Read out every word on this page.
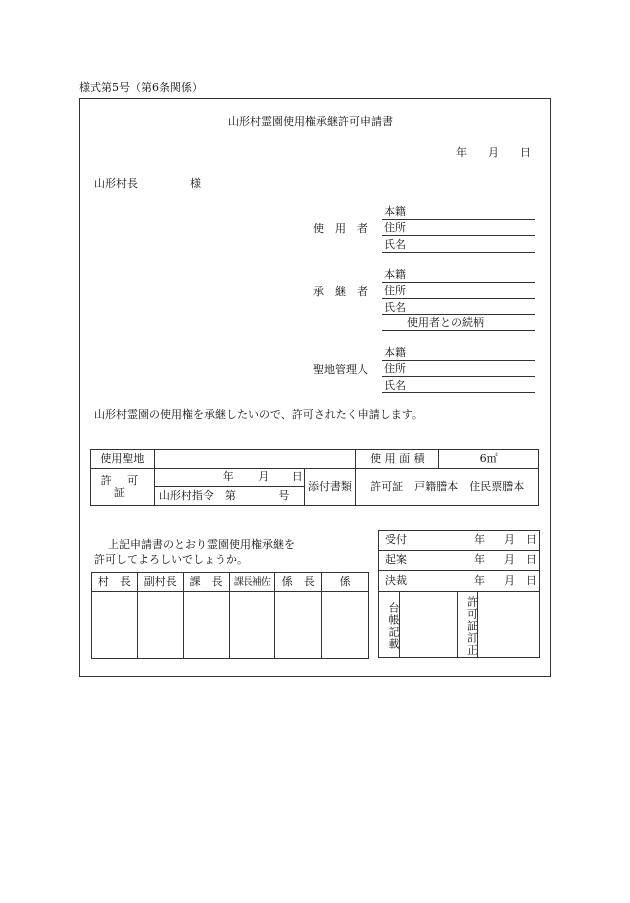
様式第5号（第6条関係）
山形村霊園使用権承継許可申請書
年 月 日
山形村長	様
使　用　者
本籍
住所
氏名
承　継　者
本籍
住所
氏名
使用者との続柄
聖地管理人
本籍
住所
氏名
山形村霊園の使用権を承継したいので、許可されたく申請します。
使用聖地			使 用 面 積	6㎡
許 可 証	年 月 日	添付書類	許可証　戸籍謄本　住民票謄本	
	山形村指令　第 号			
上記申請書のとおり霊園使用権承継を
許可してよろしいでしょうか。
村　長	副村長	課　長	課長補佐	係　長	係

受付	年 月 日
起案	年 月 日
決裁	年 月 日
台帳記載		許可証訂正	
